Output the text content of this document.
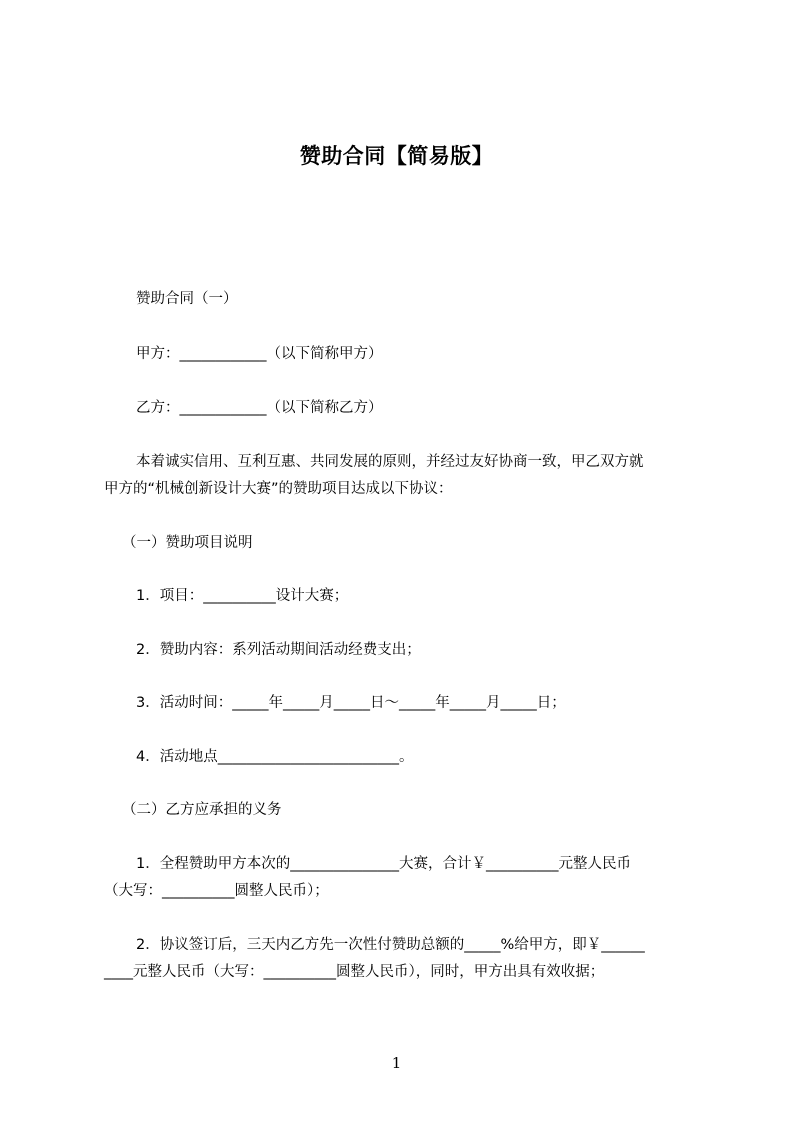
赞助合同【简易版】
赞助合同（一）
甲方：____________（以下简称甲方）
乙方：____________（以下简称乙方）
本着诚实信用、互利互惠、共同发展的原则，并经过友好协商一致，甲乙双方就
甲方的“机械创新设计大赛”的赞助项目达成以下协议：
（一）赞助项目说明
1．项目：__________设计大赛；
2．赞助内容：系列活动期间活动经费支出；
3．活动时间：_____年_____月_____日～_____年_____月_____日；
4．活动地点_________________________。
（二）乙方应承担的义务
1．全程赞助甲方本次的_______________大赛，合计￥__________元整人民币
（大写：__________圆整人民币）；
2．协议签订后，三天内乙方先一次性付赞助总额的_____%给甲方，即￥______
____元整人民币（大写：__________圆整人民币），同时，甲方出具有效收据；
1
